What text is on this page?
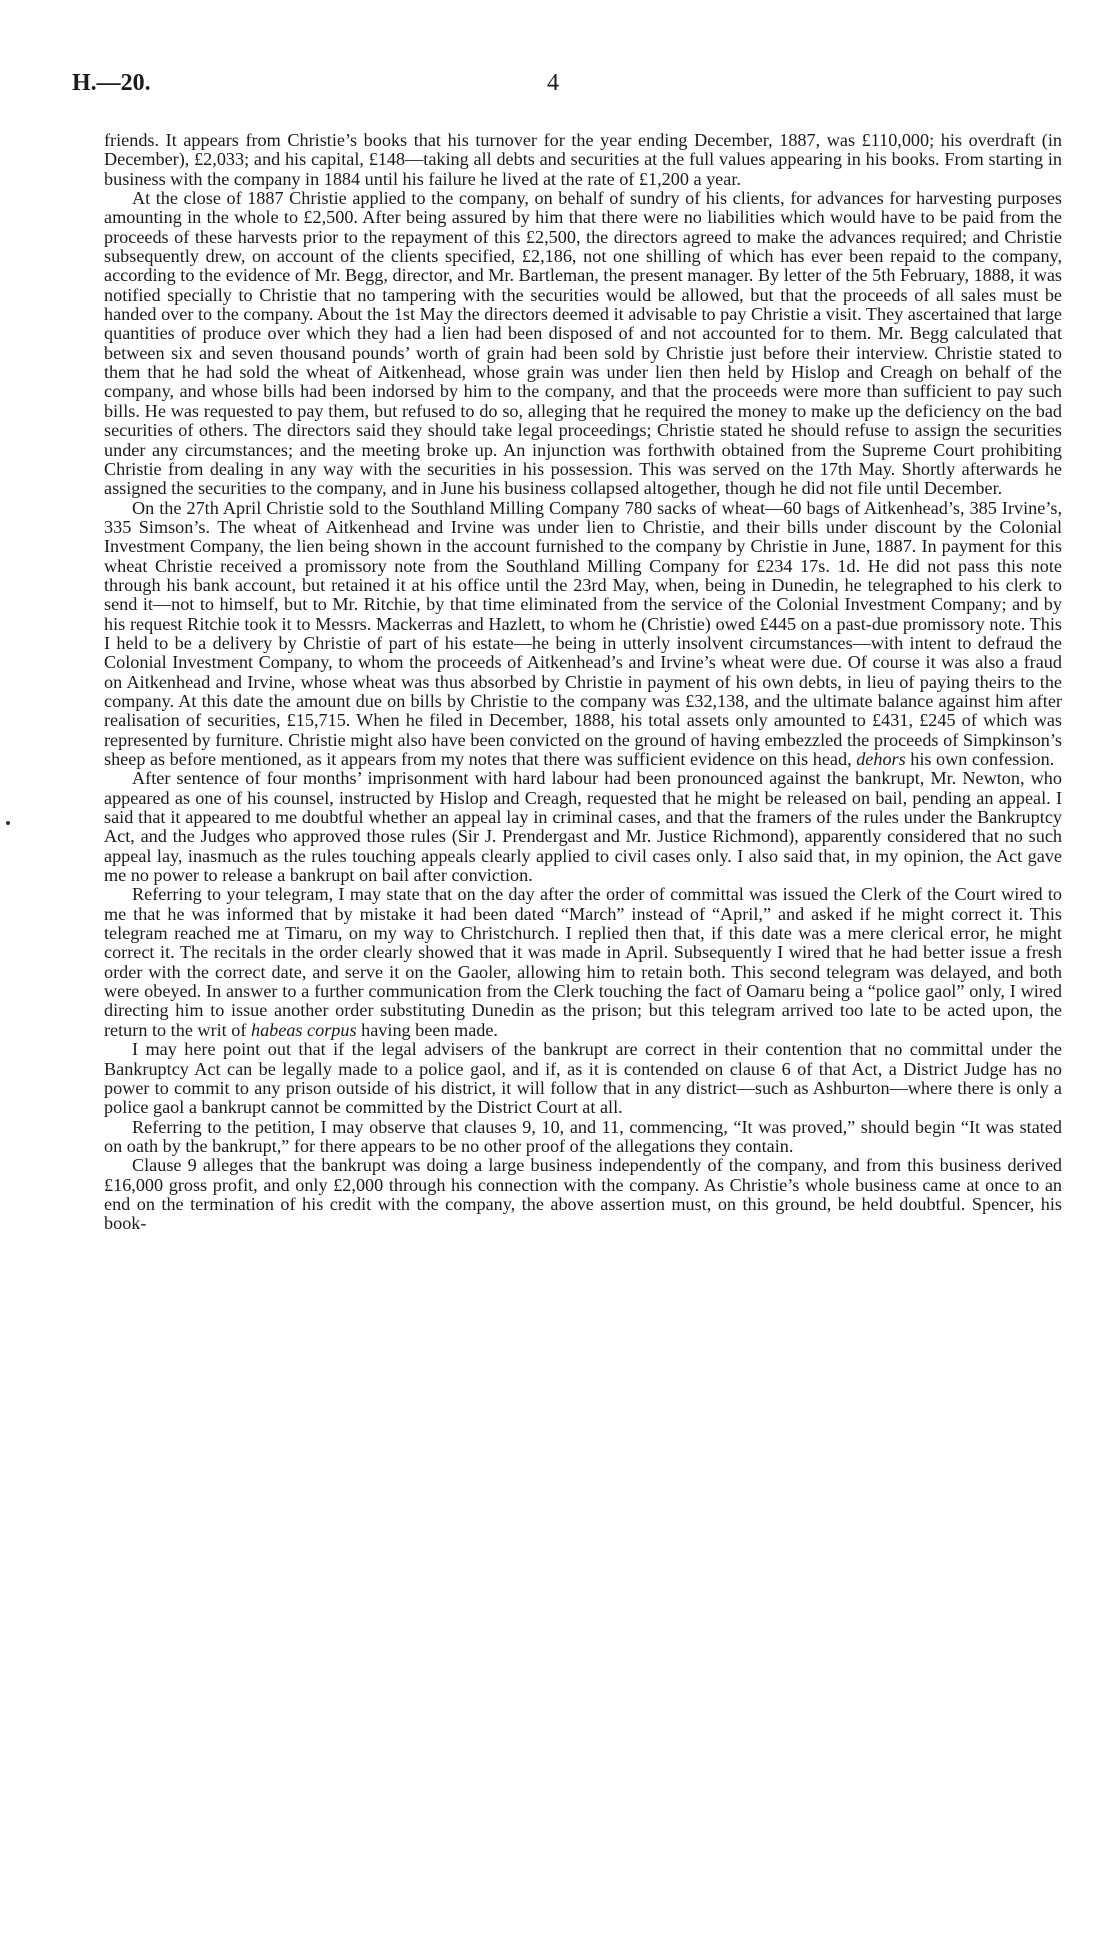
H.—20.	4

friends. It appears from Christie’s books that his turnover for the year ending December, 1887, was £110,000; his overdraft (in December), £2,033; and his capital, £148—taking all debts and securities at the full values appearing in his books. From starting in business with the company in 1884 until his failure he lived at the rate of £1,200 a year.

At the close of 1887 Christie applied to the company, on behalf of sundry of his clients, for advances for harvesting purposes amounting in the whole to £2,500. After being assured by him that there were no liabilities which would have to be paid from the proceeds of these harvests prior to the repayment of this £2,500, the directors agreed to make the advances required; and Christie subsequently drew, on account of the clients specified, £2,186, not one shilling of which has ever been repaid to the company, according to the evidence of Mr. Begg, director, and Mr. Bartleman, the present manager. By letter of the 5th February, 1888, it was notified specially to Christie that no tampering with the securities would be allowed, but that the proceeds of all sales must be handed over to the company. About the 1st May the directors deemed it advisable to pay Christie a visit. They ascertained that large quantities of produce over which they had a lien had been disposed of and not accounted for to them. Mr. Begg calculated that between six and seven thousand pounds’ worth of grain had been sold by Christie just before their interview. Christie stated to them that he had sold the wheat of Aitkenhead, whose grain was under lien then held by Hislop and Creagh on behalf of the company, and whose bills had been indorsed by him to the company, and that the proceeds were more than sufficient to pay such bills. He was requested to pay them, but refused to do so, alleging that he required the money to make up the deficiency on the bad securities of others. The directors said they should take legal proceedings; Christie stated he should refuse to assign the securities under any circumstances; and the meeting broke up. An injunction was forthwith obtained from the Supreme Court prohibiting Christie from dealing in any way with the securities in his possession. This was served on the 17th May. Shortly afterwards he assigned the securities to the company, and in June his business collapsed altogether, though he did not file until December.

On the 27th April Christie sold to the Southland Milling Company 780 sacks of wheat—60 bags of Aitkenhead’s, 385 Irvine’s, 335 Simson’s. The wheat of Aitkenhead and Irvine was under lien to Christie, and their bills under discount by the Colonial Investment Company, the lien being shown in the account furnished to the company by Christie in June, 1887. In payment for this wheat Christie received a promissory note from the Southland Milling Company for £234 17s. 1d. He did not pass this note through his bank account, but retained it at his office until the 23rd May, when, being in Dunedin, he telegraphed to his clerk to send it—not to himself, but to Mr. Ritchie, by that time eliminated from the service of the Colonial Investment Company; and by his request Ritchie took it to Messrs. Mackerras and Hazlett, to whom he (Christie) owed £445 on a past-due promissory note. This I held to be a delivery by Christie of part of his estate—he being in utterly insolvent circumstances—with intent to defraud the Colonial Investment Company, to whom the proceeds of Aitkenhead’s and Irvine’s wheat were due. Of course it was also a fraud on Aitkenhead and Irvine, whose wheat was thus absorbed by Christie in payment of his own debts, in lieu of paying theirs to the company. At this date the amount due on bills by Christie to the company was £32,138, and the ultimate balance against him after realisation of securities, £15,715. When he filed in December, 1888, his total assets only amounted to £431, £245 of which was represented by furniture. Christie might also have been convicted on the ground of having embezzled the proceeds of Simpkinson’s sheep as before mentioned, as it appears from my notes that there was sufficient evidence on this head, dehors his own confession.

After sentence of four months’ imprisonment with hard labour had been pronounced against the bankrupt, Mr. Newton, who appeared as one of his counsel, instructed by Hislop and Creagh, requested that he might be released on bail, pending an appeal. I said that it appeared to me doubtful whether an appeal lay in criminal cases, and that the framers of the rules under the Bankruptcy Act, and the Judges who approved those rules (Sir J. Prendergast and Mr. Justice Richmond), apparently considered that no such appeal lay, inasmuch as the rules touching appeals clearly applied to civil cases only. I also said that, in my opinion, the Act gave me no power to release a bankrupt on bail after conviction.

Referring to your telegram, I may state that on the day after the order of committal was issued the Clerk of the Court wired to me that he was informed that by mistake it had been dated “March” instead of “April,” and asked if he might correct it. This telegram reached me at Timaru, on my way to Christchurch. I replied then that, if this date was a mere clerical error, he might correct it. The recitals in the order clearly showed that it was made in April. Subsequently I wired that he had better issue a fresh order with the correct date, and serve it on the Gaoler, allowing him to retain both. This second telegram was delayed, and both were obeyed. In answer to a further communication from the Clerk touching the fact of Oamaru being a “police gaol” only, I wired directing him to issue another order substituting Dunedin as the prison; but this telegram arrived too late to be acted upon, the return to the writ of habeas corpus having been made.

I may here point out that if the legal advisers of the bankrupt are correct in their contention that no committal under the Bankruptcy Act can be legally made to a police gaol, and if, as it is contended on clause 6 of that Act, a District Judge has no power to commit to any prison outside of his district, it will follow that in any district—such as Ashburton—where there is only a police gaol a bankrupt cannot be committed by the District Court at all.

Referring to the petition, I may observe that clauses 9, 10, and 11, commencing, “It was proved,” should begin “It was stated on oath by the bankrupt,” for there appears to be no other proof of the allegations they contain.

Clause 9 alleges that the bankrupt was doing a large business independently of the company, and from this business derived £16,000 gross profit, and only £2,000 through his connection with the company. As Christie’s whole business came at once to an end on the termination of his credit with the company, the above assertion must, on this ground, be held doubtful. Spencer, his book-
